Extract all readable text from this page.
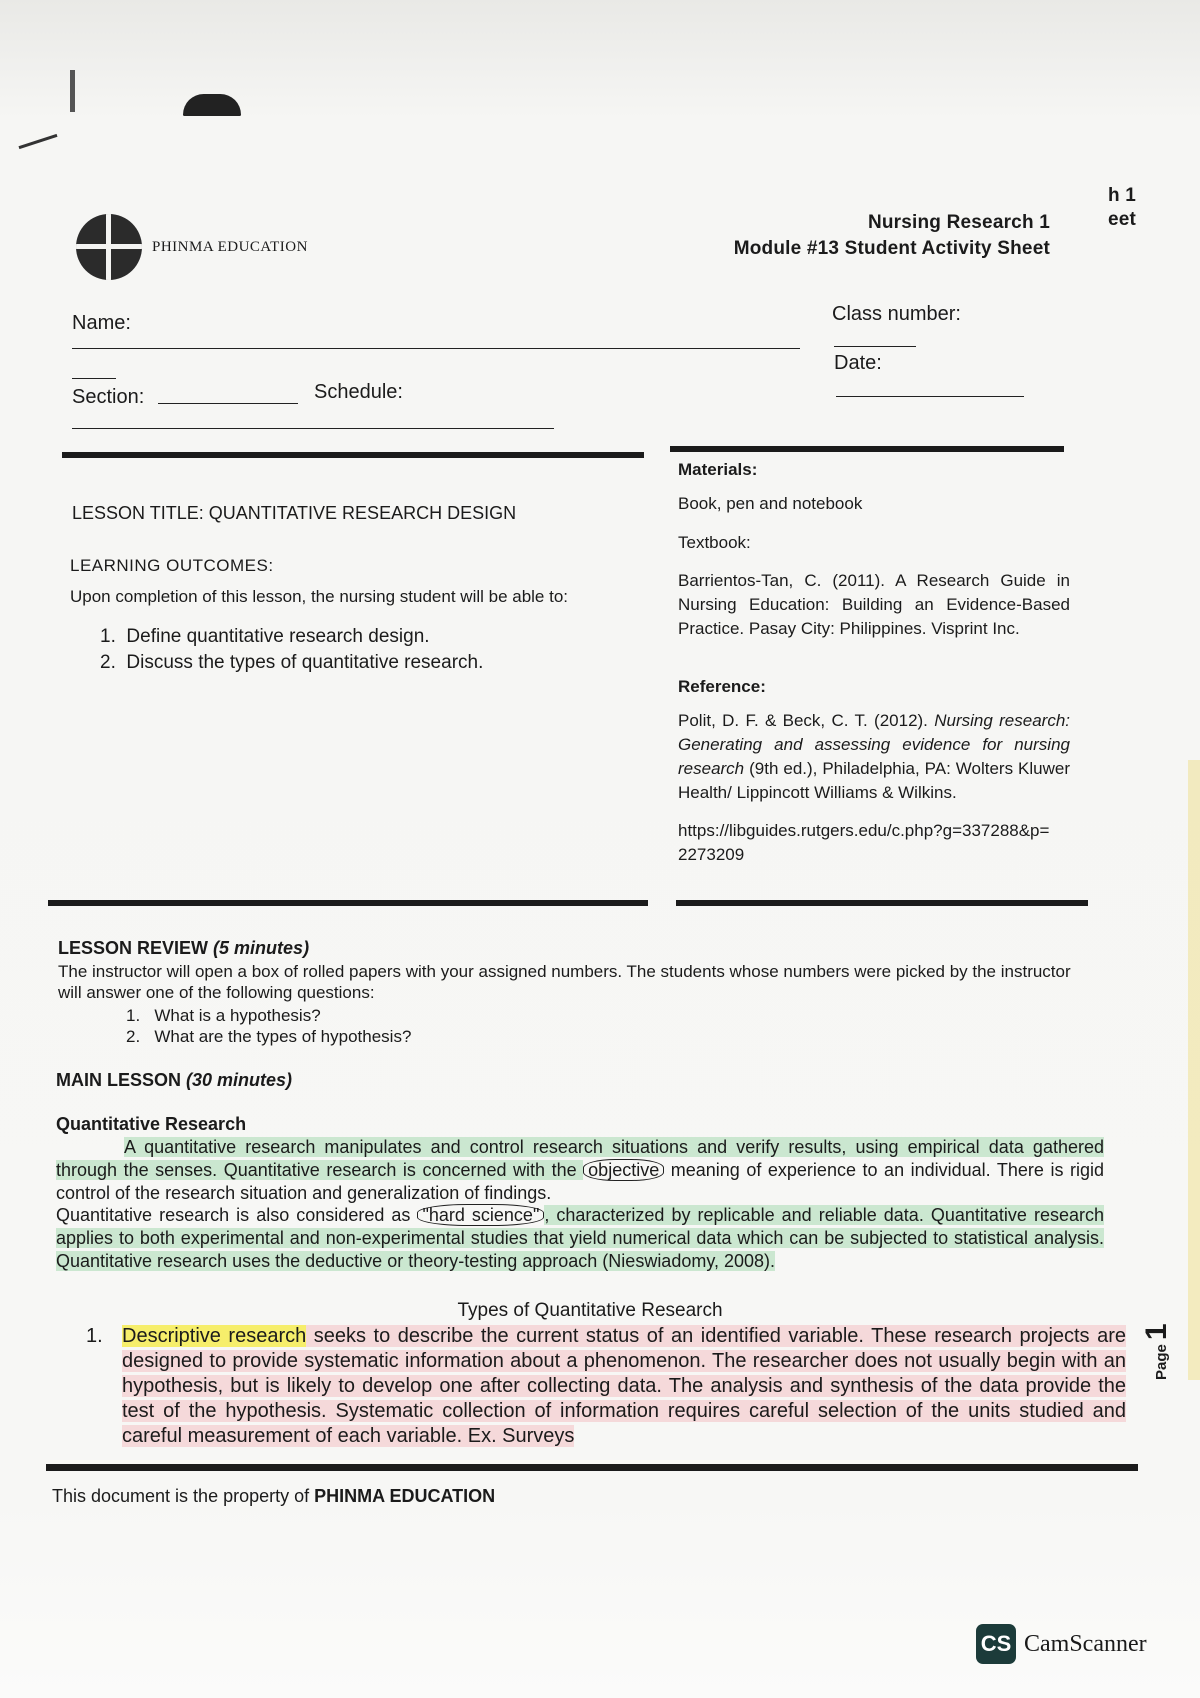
h 1
eet
PHINMA EDUCATION
Nursing Research 1
Module #13 Student Activity Sheet
Name:	Class number:
Date:
Section:	Schedule:
LESSON TITLE: QUANTITATIVE RESEARCH DESIGN
LEARNING OUTCOMES:
Upon completion of this lesson, the nursing student will be able to:
1.  Define quantitative research design.
2.  Discuss the types of quantitative research.
Materials:
Book, pen and notebook
Textbook:
Barrientos-Tan, C. (2011). A Research Guide in Nursing Education: Building an Evidence-Based Practice. Pasay City: Philippines. Visprint Inc.
Reference:
Polit, D. F. & Beck, C. T. (2012). Nursing research: Generating and assessing evidence for nursing research (9th ed.), Philadelphia, PA: Wolters Kluwer Health/ Lippincott Williams & Wilkins.
https://libguides.rutgers.edu/c.php?g=337288&p=2273209
LESSON REVIEW (5 minutes)
The instructor will open a box of rolled papers with your assigned numbers. The students whose numbers were picked by the instructor will answer one of the following questions:
1.   What is a hypothesis?
2.   What are the types of hypothesis?
MAIN LESSON (30 minutes)
Quantitative Research
A quantitative research manipulates and control research situations and verify results, using empirical data gathered through the senses. Quantitative research is concerned with the objective meaning of experience to an individual. There is rigid control of the research situation and generalization of findings.
Quantitative research is also considered as "hard science" , characterized by replicable and reliable data. Quantitative research applies to both experimental and non-experimental studies that yield numerical data which can be subjected to statistical analysis. Quantitative research uses the deductive or theory-testing approach (Nieswiadomy, 2008).
Types of Quantitative Research
1. Descriptive research seeks to describe the current status of an identified variable. These research projects are designed to provide systematic information about a phenomenon. The researcher does not usually begin with an hypothesis, but is likely to develop one after collecting data. The analysis and synthesis of the data provide the test of the hypothesis. Systematic collection of information requires careful selection of the units studied and careful measurement of each variable. Ex. Surveys
Page
1
This document is the property of PHINMA EDUCATION
CS CamScanner
